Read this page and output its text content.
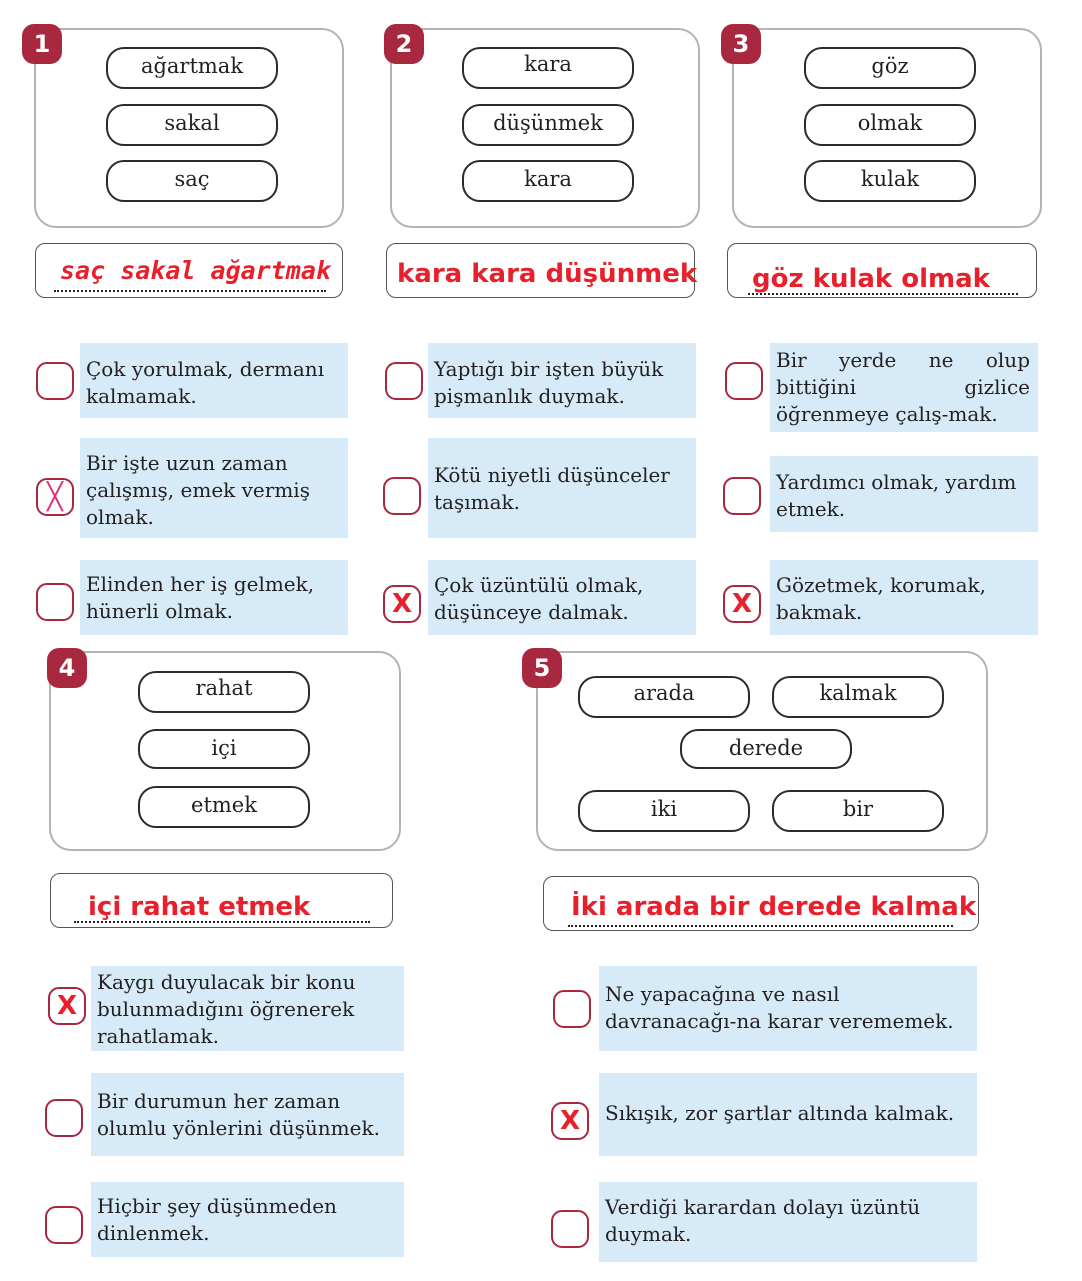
1
ağartmak
sakal
saç
saç sakal ağartmak
Çok yorulmak, dermanı kalmamak.
╳
Bir işte uzun zaman çalışmış, emek vermiş olmak.
Elinden her iş gelmek, hünerli olmak.
2
kara
düşünmek
kara
kara kara düşünmek
Yaptığı bir işten büyük pişmanlık duymak.
Kötü niyetli düşünceler taşımak.
X
Çok üzüntülü olmak, düşünceye dalmak.
3
göz
olmak
kulak
göz kulak olmak
Bir yerde ne olup bittiğini gizlice öğrenmeye çalış-mak.
Yardımcı olmak, yardım etmek.
X
Gözetmek, korumak, bakmak.
4
rahat
içi
etmek
içi rahat etmek
X
Kaygı duyulacak bir konu bulunmadığını öğrenerek rahatlamak.
Bir durumun her zaman olumlu yönlerini düşünmek.
Hiçbir şey düşünmeden dinlenmek.
5
arada	kalmak
derede
iki	bir
İki arada bir derede kalmak
Ne yapacağına ve nasıl davranacağı-na karar verememek.
X	Sıkışık, zor şartlar altında kalmak.
Verdiği karardan dolayı üzüntü duymak.
